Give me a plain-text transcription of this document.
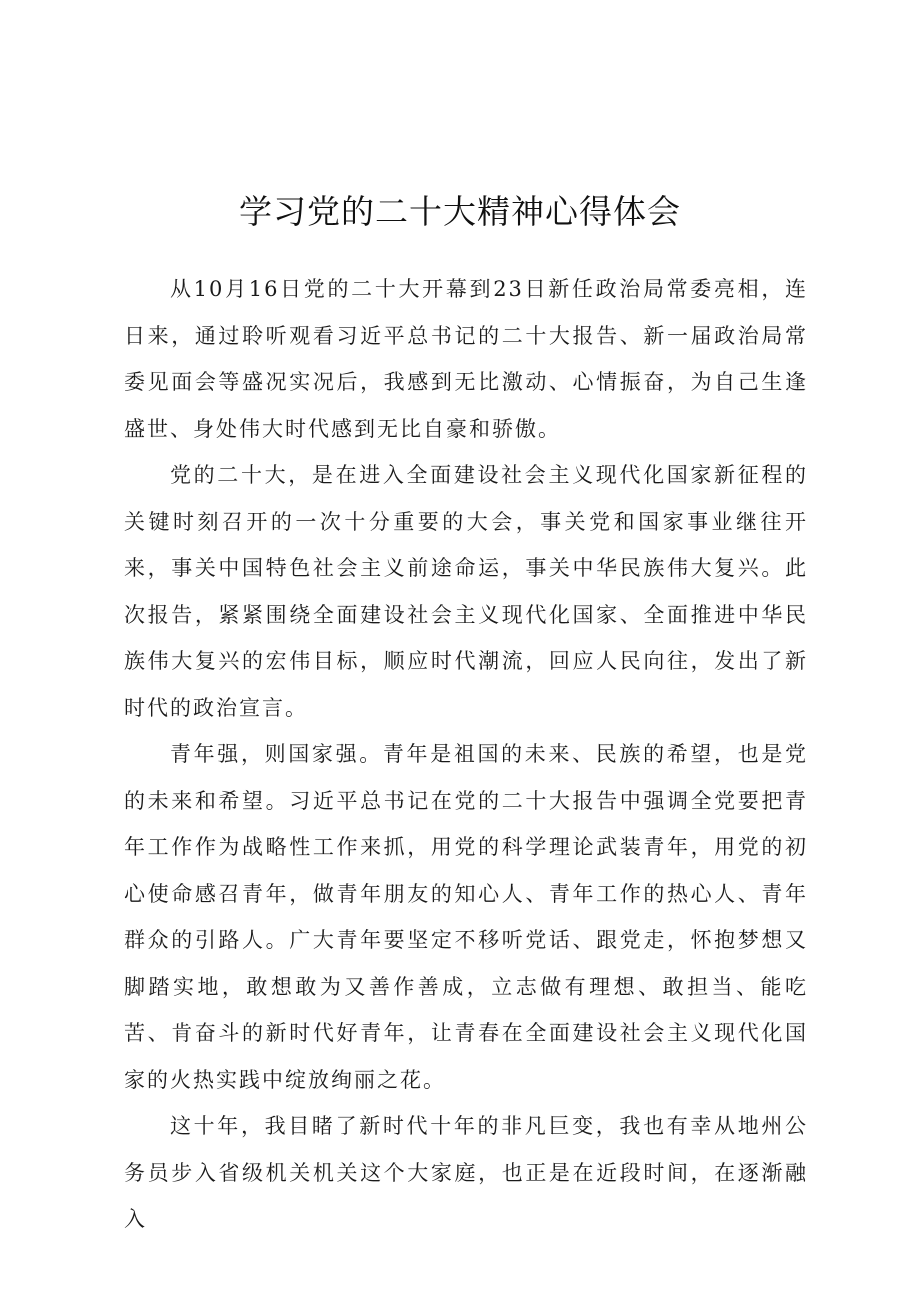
学习党的二十大精神心得体会

从10月16日党的二十大开幕到23日新任政治局常委亮相，连日来，通过聆听观看习近平总书记的二十大报告、新一届政治局常委见面会等盛况实况后，我感到无比激动、心情振奋，为自己生逢盛世、身处伟大时代感到无比自豪和骄傲。

党的二十大，是在进入全面建设社会主义现代化国家新征程的关键时刻召开的一次十分重要的大会，事关党和国家事业继往开来，事关中国特色社会主义前途命运，事关中华民族伟大复兴。此次报告，紧紧围绕全面建设社会主义现代化国家、全面推进中华民族伟大复兴的宏伟目标，顺应时代潮流，回应人民向往，发出了新时代的政治宣言。

青年强，则国家强。青年是祖国的未来、民族的希望，也是党的未来和希望。习近平总书记在党的二十大报告中强调全党要把青年工作作为战略性工作来抓，用党的科学理论武装青年，用党的初心使命感召青年，做青年朋友的知心人、青年工作的热心人、青年群众的引路人。广大青年要坚定不移听党话、跟党走，怀抱梦想又脚踏实地，敢想敢为又善作善成，立志做有理想、敢担当、能吃苦、肯奋斗的新时代好青年，让青春在全面建设社会主义现代化国家的火热实践中绽放绚丽之花。

这十年，我目睹了新时代十年的非凡巨变，我也有幸从地州公务员步入省级机关机关这个大家庭，也正是在近段时间，在逐渐融入
